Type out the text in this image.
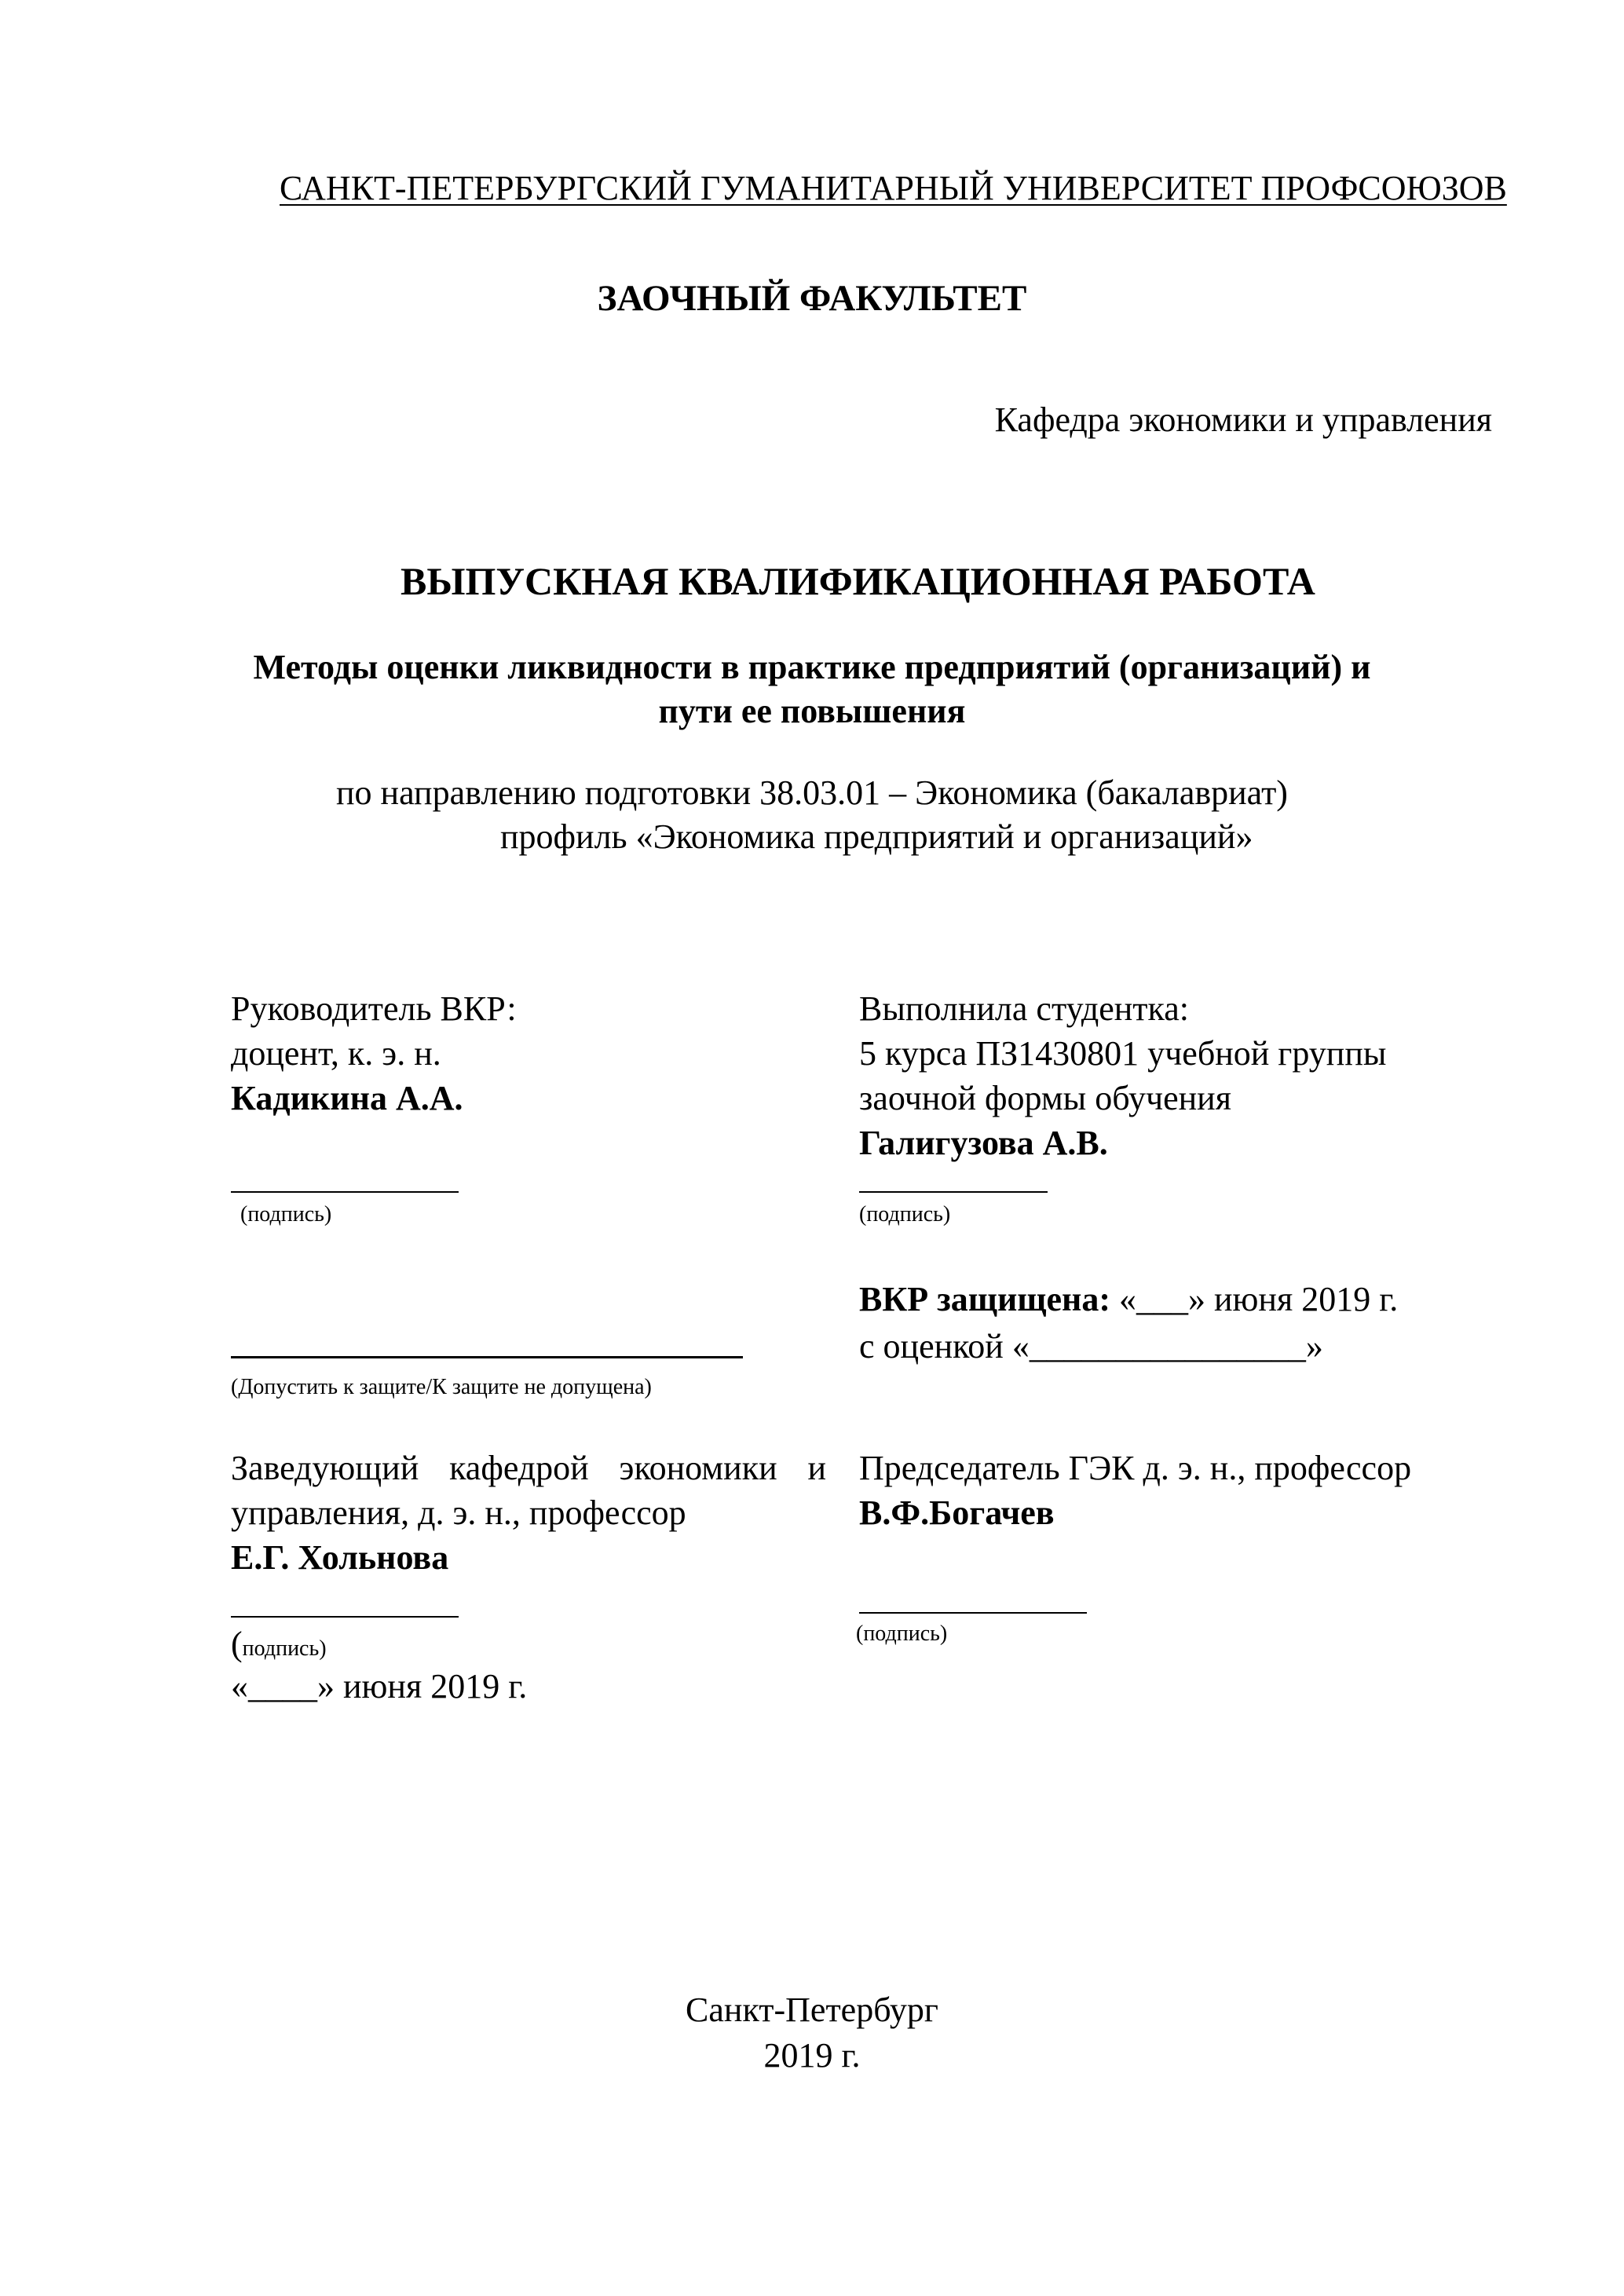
САНКТ-ПЕТЕРБУРГСКИЙ ГУМАНИТАРНЫЙ УНИВЕРСИТЕТ ПРОФСОЮЗОВ
ЗАОЧНЫЙ ФАКУЛЬТЕТ
Кафедра экономики и управления
ВЫПУСКНАЯ КВАЛИФИКАЦИОННАЯ РАБОТА
Методы оценки ликвидности в практике предприятий (организаций) и
пути ее повышения
по направлению подготовки 38.03.01 – Экономика (бакалавриат)
профиль «Экономика предприятий и организаций»
Руководитель ВКР:
доцент, к. э. н.
Кадикина А.А.
(подпись)
Выполнила студентка:
5 курса ПЗ1430801 учебной группы
заочной формы обучения
Галигузова А.В.
(подпись)
(Допустить к защите/К защите не допущена)
ВКР защищена: «___» июня 2019 г.
с оценкой «________________»
Заведующий кафедрой экономики и
управления, д. э. н., профессор
Е.Г. Хольнова
(подпись)
«____» июня 2019 г.
Председатель ГЭК д. э. н., профессор
В.Ф.Богачев
(подпись)
Санкт-Петербург
2019 г.
